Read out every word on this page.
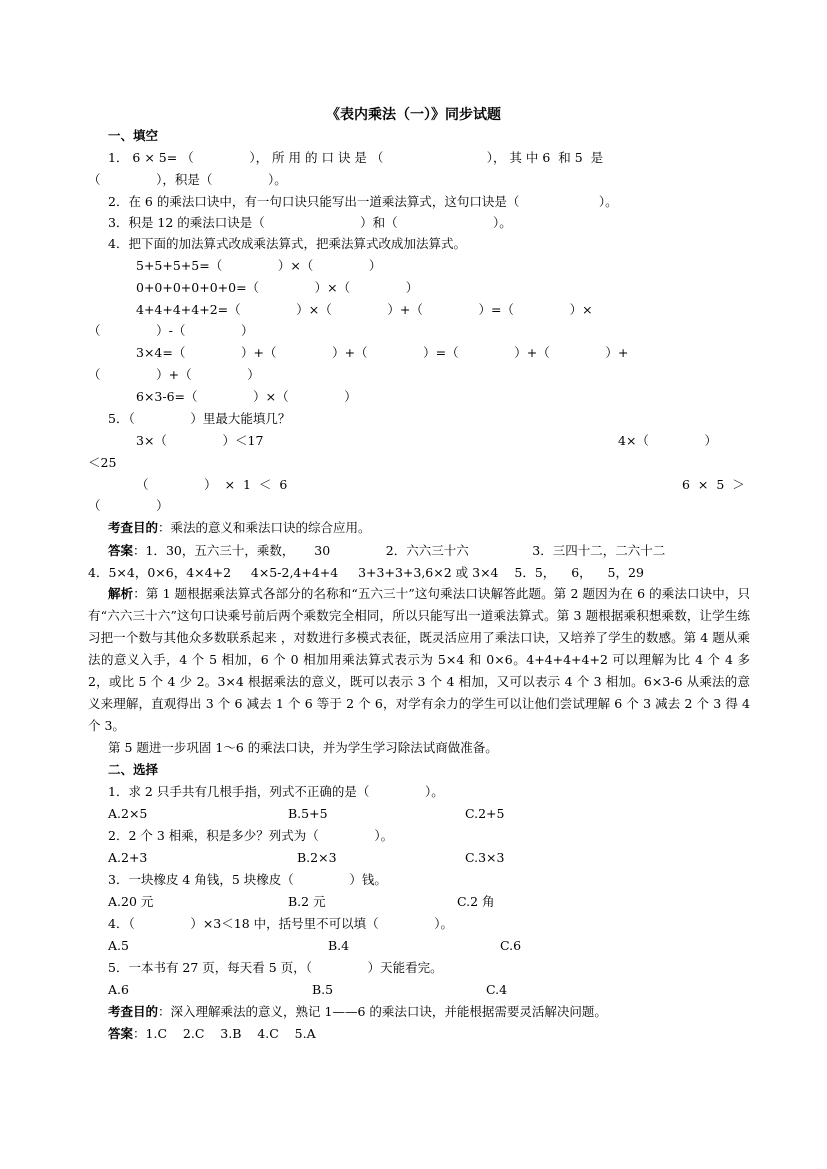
《表内乘法（一）》同步试题
一、填空
1． 6 × 5= （              ）， 所 用 的 口 诀 是 （                          ）， 其 中 6  和 5  是
（              ），积是（              ）。
2．在 6 的乘法口诀中，有一句口诀只能写出一道乘法算式，这句口诀是（                    ）。
3．积是 12 的乘法口诀是（                        ）和（                        ）。
4．把下面的加法算式改成乘法算式，把乘法算式改成加法算式。
5+5+5+5=（              ）×（              ）
0+0+0+0+0+0=（              ）×（              ）
4+4+4+4+2=（              ）×（              ）+（              ）=（              ）×
（              ）-（              ）
3×4=（              ）+（              ）+（              ）=（              ）+（              ）+
（              ）+（              ）
6×3-6=（              ）×（              ）
5．（              ）里最大能填几？
3×（              ）＜17	4×（              ）
＜25
（              ）  ×  1  ＜  6	6  ×  5  ＞
（              ）
考查目的：乘法的意义和乘法口诀的综合应用。
答案：1．30，五六三十，乘数，     30              2．六六三十六                3．三四十二，二六十二
4．5×4，0×6，4×4+2     4×5-2,4+4+4     3+3+3+3,6×2 或 3×4    5．5，    6，    5，29
解析：第 1 题根据乘法算式各部分的名称和“五六三十”这句乘法口诀解答此题。第 2 题因为在 6 的乘法口诀中，只有“六六三十六”这句口诀乘号前后两个乘数完全相同，所以只能写出一道乘法算式。第 3 题根据乘积想乘数，让学生练习把一个数与其他众多数联系起来 ，对数进行多模式表征，既灵活应用了乘法口诀，又培养了学生的数感。第 4 题从乘法的意义入手，4 个 5 相加，6 个 0 相加用乘法算式表示为 5×4 和 0×6。4+4+4+4+2 可以理解为比 4 个 4 多 2，或比 5 个 4 少 2。3×4 根据乘法的意义，既可以表示 3 个 4 相加，又可以表示 4 个 3 相加。6×3-6 从乘法的意义来理解，直观得出 3 个 6 减去 1 个 6 等于 2 个 6，对学有余力的学生可以让他们尝试理解 6 个 3 减去 2 个 3 得 4 个 3。
第 5 题进一步巩固 1～6 的乘法口诀，并为学生学习除法试商做准备。
二、选择
1．求 2 只手共有几根手指，列式不正确的是（              ）。
A.2×5	B.5+5	C.2+5
2．2 个 3 相乘，积是多少？列式为（              ）。
A.2+3	B.2×3	C.3×3
3．一块橡皮 4 角钱，5 块橡皮（              ）钱。
A.20 元	B.2 元	C.2 角
4．（              ）×3＜18 中，括号里不可以填（              ）。
A.5	B.4	C.6
5．一本书有 27 页，每天看 5 页，（              ）天能看完。
A.6	B.5	C.4
考查目的：深入理解乘法的意义，熟记 1——6 的乘法口诀，并能根据需要灵活解决问题。
答案：1.C    2.C    3.B    4.C    5.A
